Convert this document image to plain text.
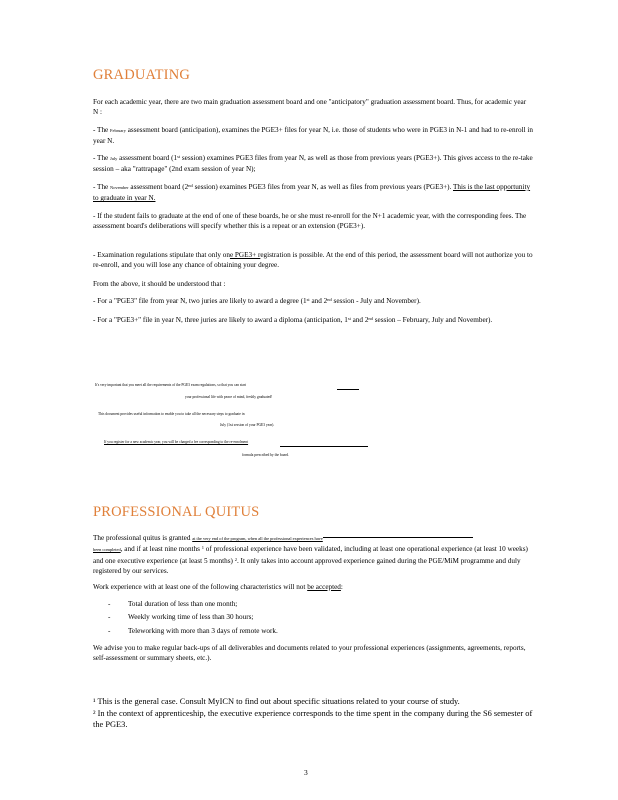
GRADUATING

For each academic year, there are two main graduation assessment board and one "anticipatory" graduation assessment board. Thus, for academic year N :

- The February assessment board (anticipation), examines the PGE3+ files for year N, i.e. those of students who were in PGE3 in N-1 and had to re-enroll in year N.

- The July assessment board (1st session) examines PGE3 files from year N, as well as those from previous years (PGE3+). This gives access to the re-take session – aka "rattrapage" (2nd exam session of year N);

- The November assessment board (2nd session) examines PGE3 files from year N, as well as files from previous years (PGE3+). This is the last opportunity to graduate in year N.

- If the student fails to graduate at the end of one of these boards, he or she must re-enroll for the N+1 academic year, with the corresponding fees. The assessment board's deliberations will specify whether this is a repeat or an extension (PGE3+).

- Examination regulations stipulate that only one PGE3+ registration is possible. At the end of this period, the assessment board will not authorize you to re-enroll, and you will lose any chance of obtaining your degree.

From the above, it should be understood that :

- For a "PGE3" file from year N, two juries are likely to award a degree (1st and 2nd session - July and November).

- For a "PGE3+" file in year N, three juries are likely to award a diploma (anticipation, 1st and 2nd session – February, July and November).

It's very important that you meet all the requirements of the PGE3 exam regulations, so that you can start

your professional life with peace of mind, freshly graduated!

This document provides useful information to enable you to take all the necessary steps to graduate in

July (1st session of your PGE3 year).

If you register for a new academic year, you will be charged a fee corresponding to the re-enrolment

formula prescribed by the board.

PROFESSIONAL QUITUS

The professional quitus is granted at the very end of the program, when all the professional experiences have
been completed, and if at least nine months $^1$ of professional experience have been validated, including at least one operational experience (at least 10 weeks) and one executive experience (at least 5 months) $^2$. It only takes into account approved experience gained during the PGE/MiM programme and duly registered by our services.

Work experience with at least one of the following characteristics will not be accepted:

- Total duration of less than one month;
- Weekly working time of less than 30 hours;
- Teleworking with more than 3 days of remote work.

We advise you to make regular back-ups of all deliverables and documents related to your professional experiences (assignments, agreements, reports, self-assessment or summary sheets, etc.).

¹ This is the general case. Consult MyICN to find out about specific situations related to your course of study.

² In the context of apprenticeship, the executive experience corresponds to the time spent in the company during the S6 semester of the PGE3.

3
